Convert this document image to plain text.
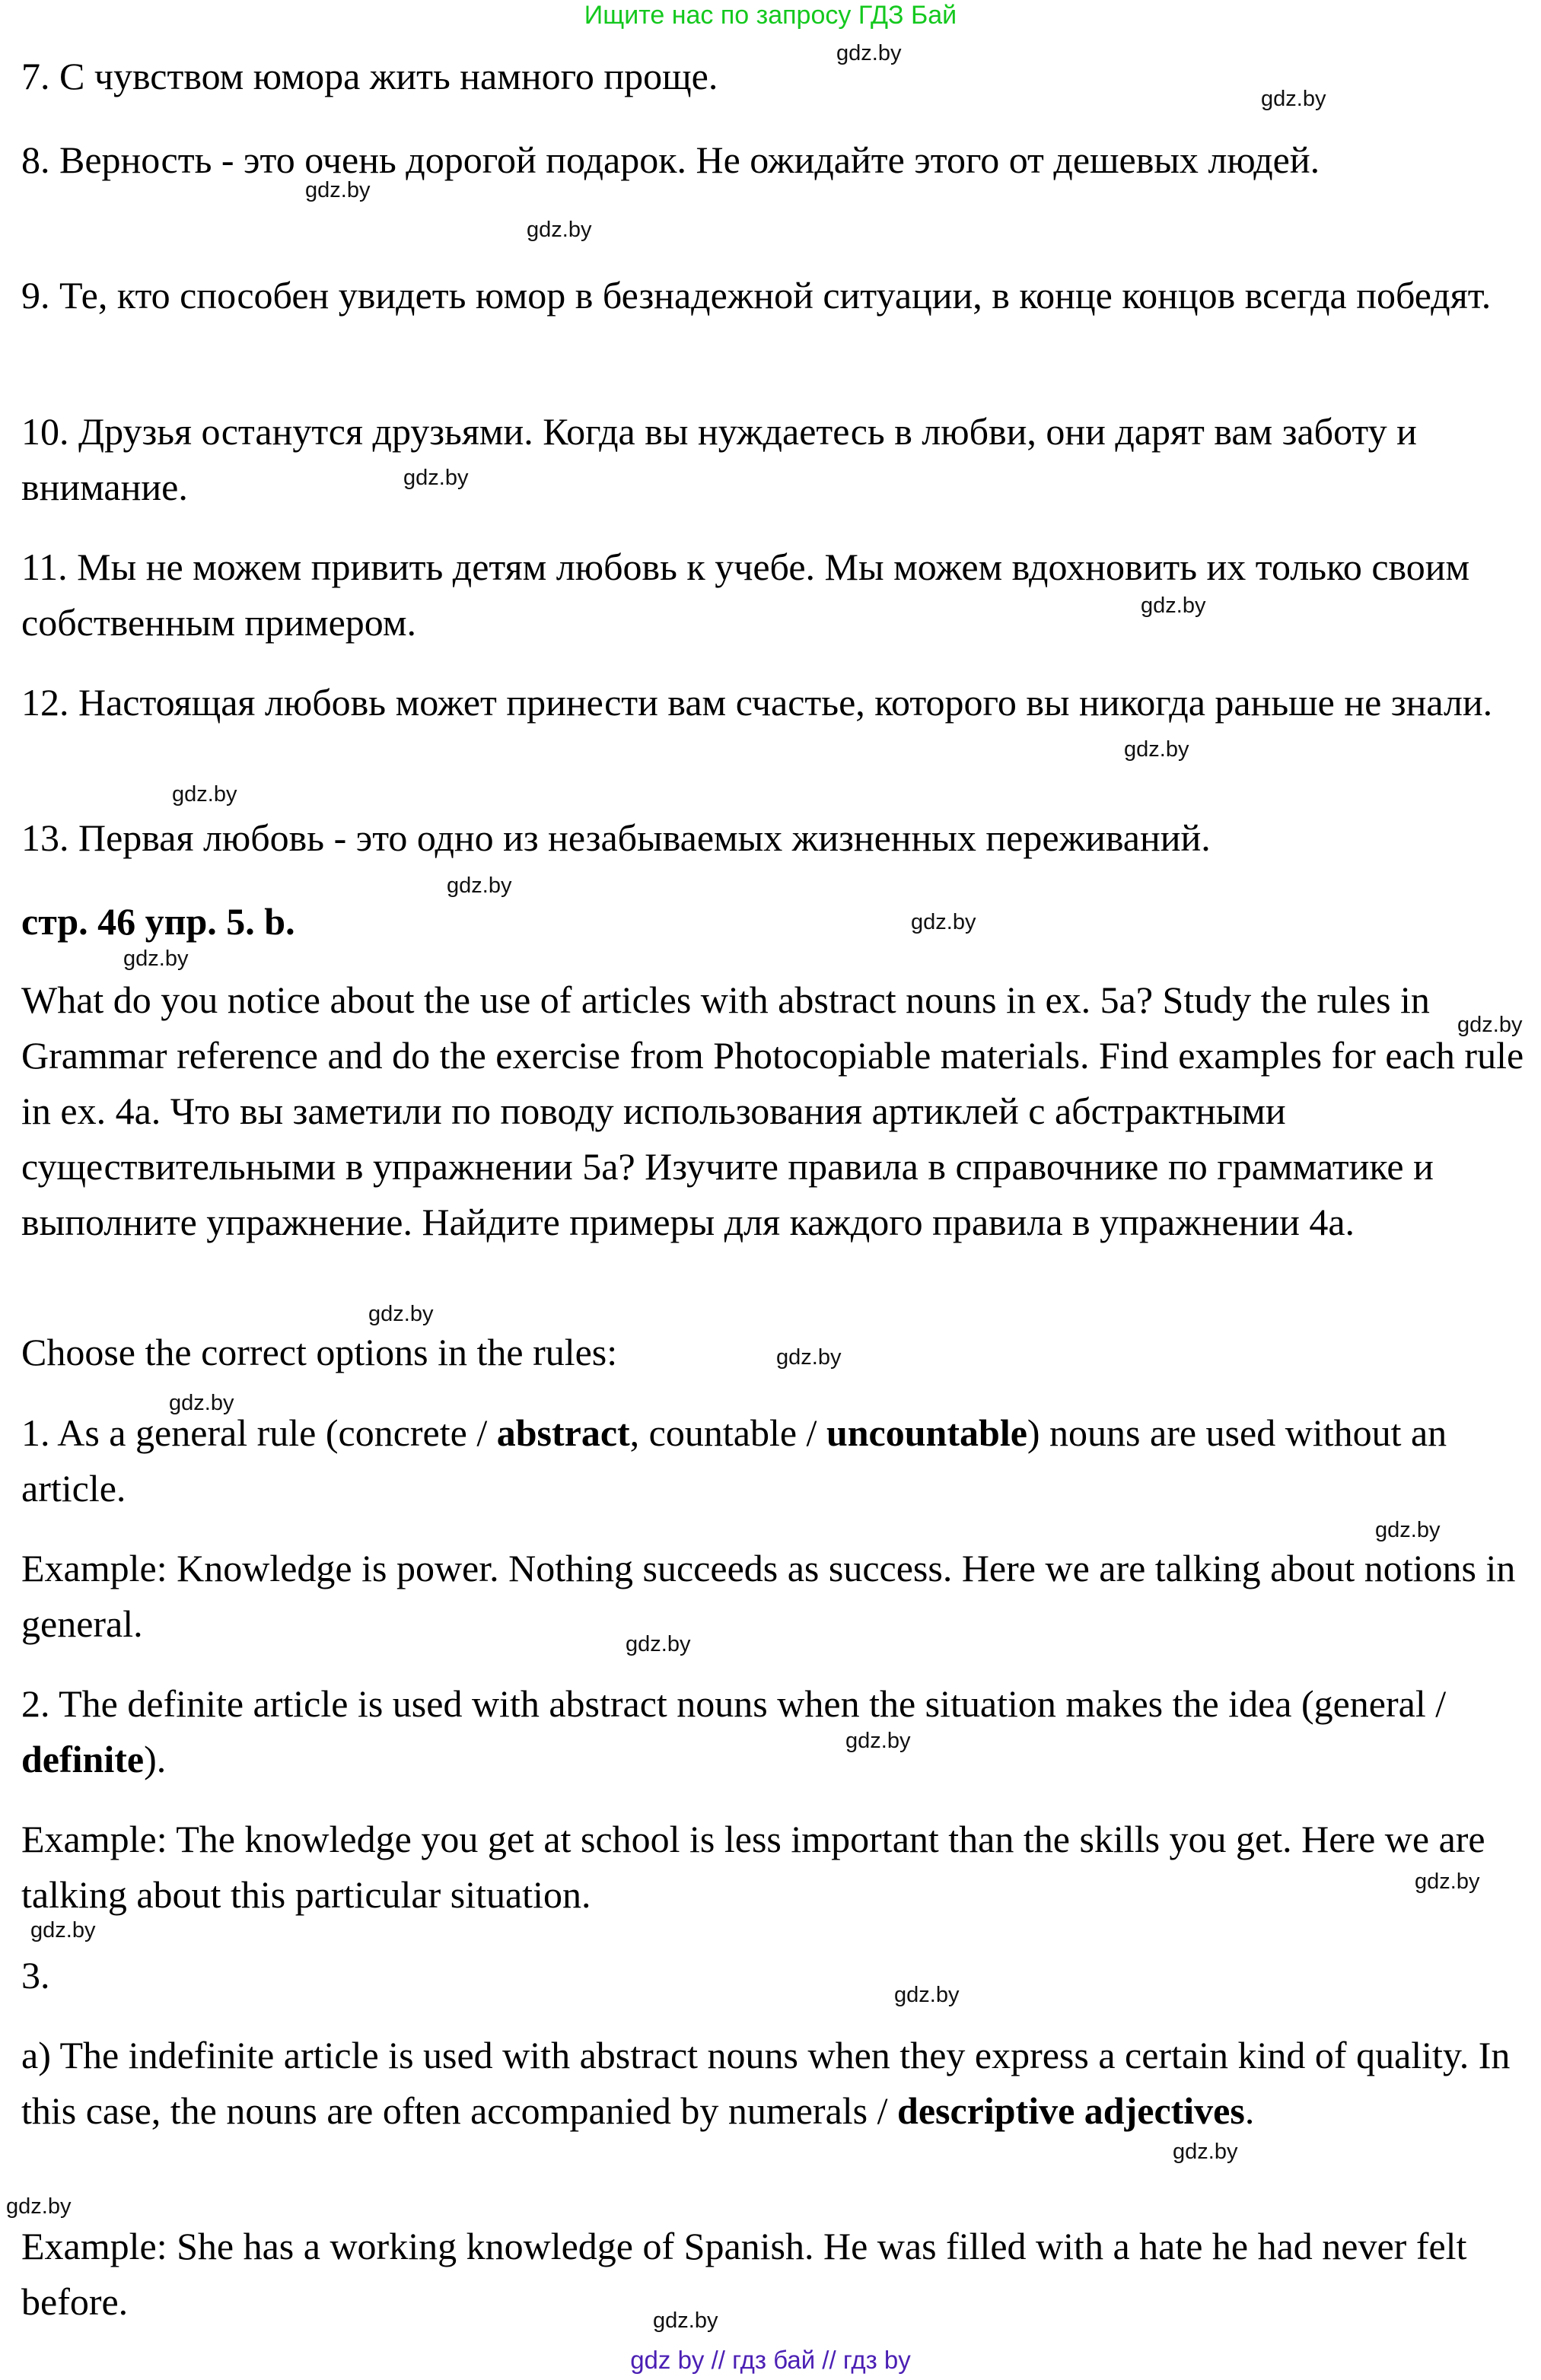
Ищите нас по запросу ГДЗ Бай

7. С чувством юмора жить намного проще.

8. Верность - это очень дорогой подарок. Не ожидайте этого от дешевых людей.

9. Те, кто способен увидеть юмор в безнадежной ситуации, в конце концов всегда победят.

10. Друзья останутся друзьями. Когда вы нуждаетесь в любви, они дарят вам заботу и внимание.

11. Мы не можем привить детям любовь к учебе. Мы можем вдохновить их только своим собственным примером.

12. Настоящая любовь может принести вам счастье, которого вы никогда раньше не знали.

13. Первая любовь - это одно из незабываемых жизненных переживаний.

стр. 46 упр. 5. b.

What do you notice about the use of articles with abstract nouns in ex. 5a? Study the rules in Grammar reference and do the exercise from Photocopiable materials. Find examples for each rule in ex. 4a. Что вы заметили по поводу использования артиклей с абстрактными существительными в упражнении 5a? Изучите правила в справочнике по грамматике и выполните упражнение. Найдите примеры для каждого правила в упражнении 4a.

Choose the correct options in the rules:

1. As a general rule (concrete / abstract, countable / uncountable) nouns are used without an article.

Example: Knowledge is power. Nothing succeeds as success. Here we are talking about notions in general.

2. The definite article is used with abstract nouns when the situation makes the idea (general / definite).

Example: The knowledge you get at school is less important than the skills you get. Here we are talking about this particular situation.

3.

a) The indefinite article is used with abstract nouns when they express a certain kind of quality. In this case, the nouns are often accompanied by numerals / descriptive adjectives.

Example: She has a working knowledge of Spanish. He was filled with a hate he had never felt before.

gdz.by
gdz.by
gdz.by
gdz.by
gdz.by
gdz.by
gdz.by
gdz.by
gdz.by
gdz.by
gdz.by
gdz.by
gdz.by
gdz.by
gdz.by
gdz.by
gdz.by
gdz.by
gdz.by
gdz.by
gdz.by
gdz.by
gdz.by
gdz.by
gdz by // гдз бай // гдз by
